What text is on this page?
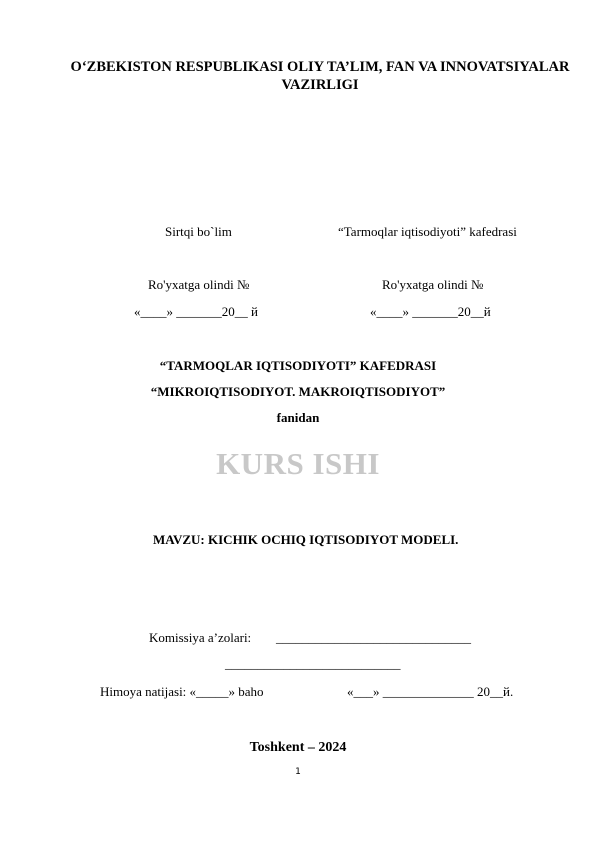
O‘ZBEKISTON RESPUBLIKASI OLIY TA’LIM, FAN VA INNOVATSIYALAR VAZIRLIGI
Sirtqi bo`lim	“Tarmoqlar iqtisodiyoti” kafedrasi
Ro'yxatga olindi №	Ro'yxatga olindi №
«____» _______20__ й	«____» _______20__й
“TARMOQLAR IQTISODIYOTI” KAFEDRASI
“MIKROIQTISODIYOT. MAKROIQTISODIYOT”
fanidan
KURS ISHI
MAVZU: KICHIK OCHIQ IQTISODIYOT MODELI.
Komissiya a’zolari: ______________________________
___________________________
Himoya natijasi: «_____» baho	«___» ______________ 20__й.
Toshkent – 2024
1
